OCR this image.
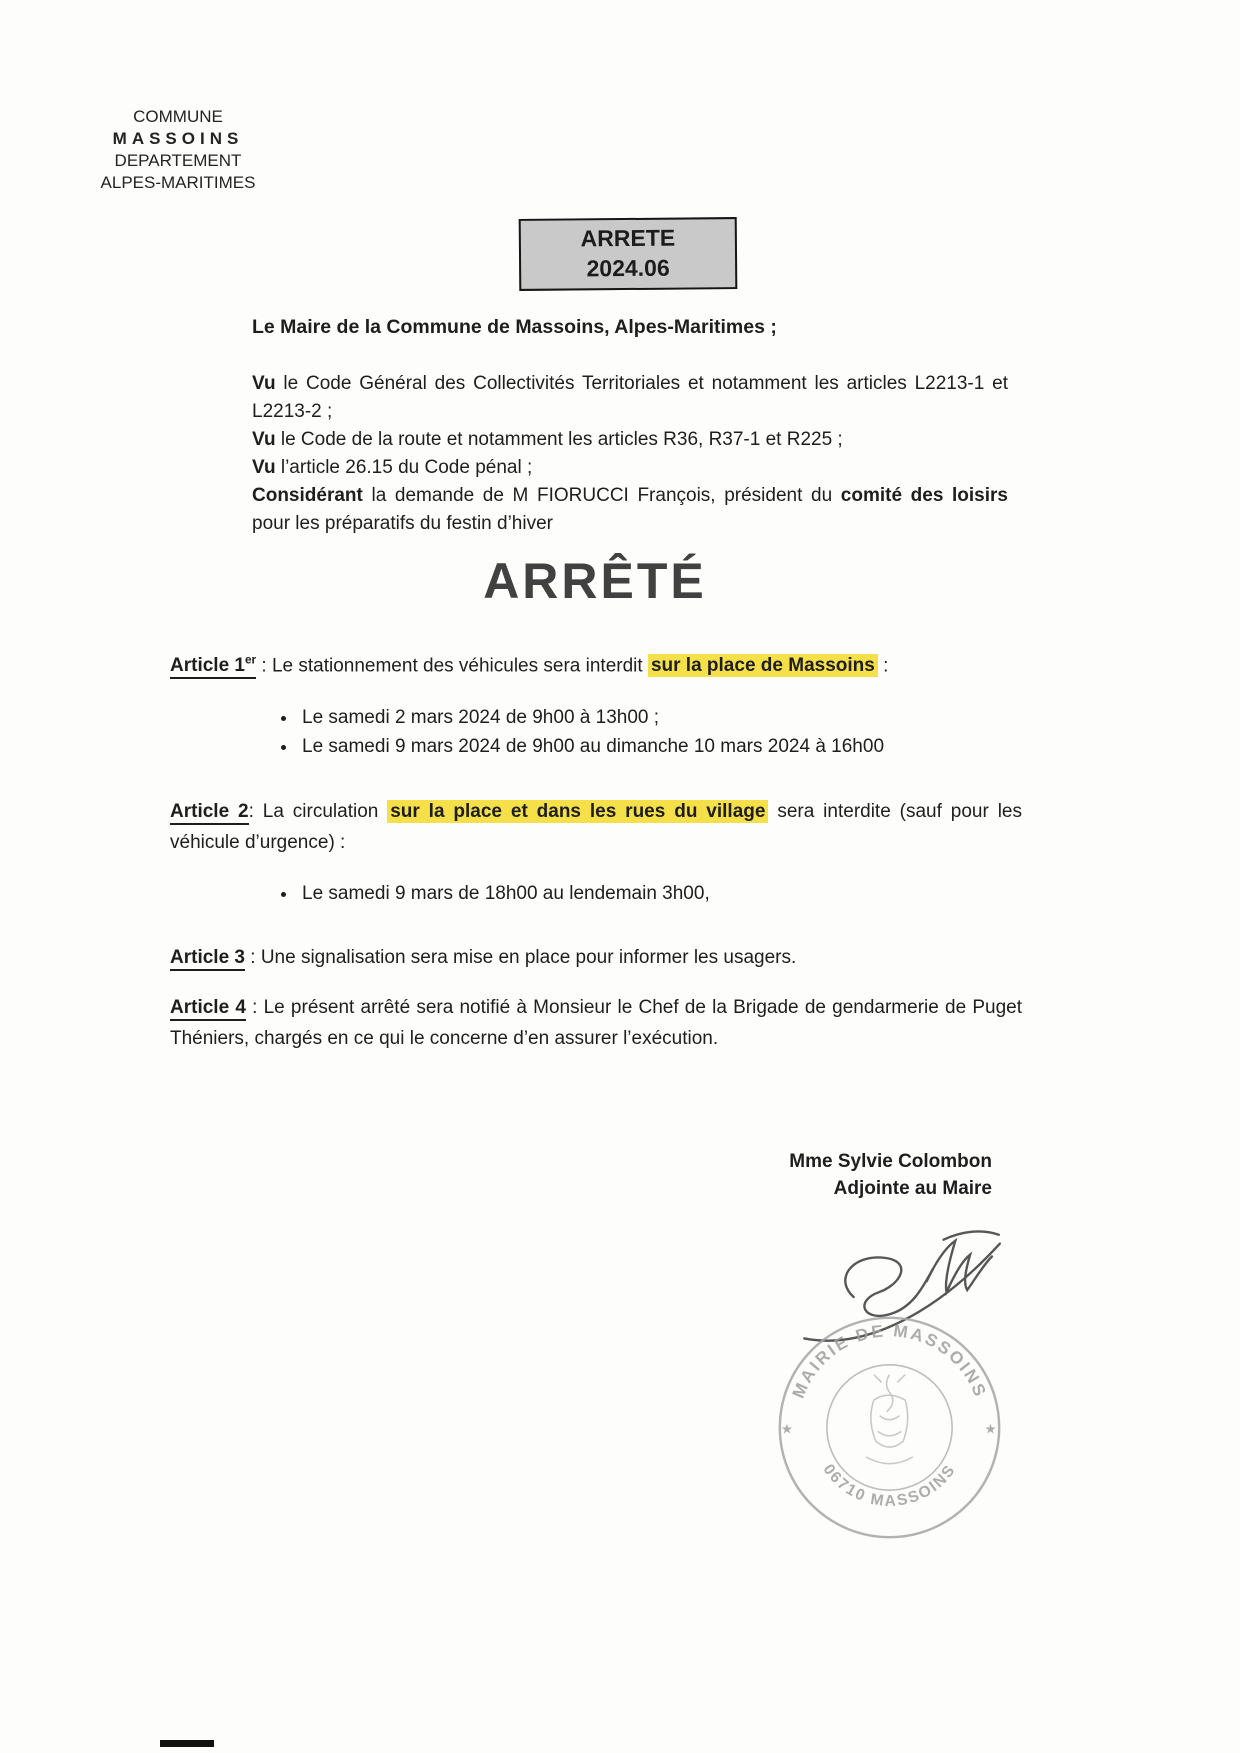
COMMUNE
MASSOINS
DEPARTEMENT
ALPES-MARITIMES
ARRETE
2024.06

Le Maire de la Commune de Massoins, Alpes-Maritimes ;

Vu le Code Général des Collectivités Territoriales et notamment les articles L2213-1 et L2213-2 ;

Vu le Code de la route et notamment les articles R36, R37-1 et R225 ;

Vu l’article 26.15 du Code pénal ;

Considérant la demande de M FIORUCCI François, président du comité des loisirs pour les préparatifs du festin d’hiver

ARRÊTÉ

Article 1er : Le stationnement des véhicules sera interdit sur la place de Massoins :

• Le samedi 2 mars 2024 de 9h00 à 13h00 ;
• Le samedi 9 mars 2024 de 9h00 au dimanche 10 mars 2024 à 16h00

Article 2: La circulation sur la place et dans les rues du village sera interdite (sauf pour les véhicule d’urgence) :

• Le samedi 9 mars de 18h00 au lendemain 3h00,

Article 3 : Une signalisation sera mise en place pour informer les usagers.

Article 4 : Le présent arrêté sera notifié à Monsieur le Chef de la Brigade de gendarmerie de Puget Théniers, chargés en ce qui le concerne d’en assurer l’exécution.

Mme Sylvie Colombon
Adjointe au Maire
MAIRIE DE MASSOINS
06710 MASSOINS
★	★
